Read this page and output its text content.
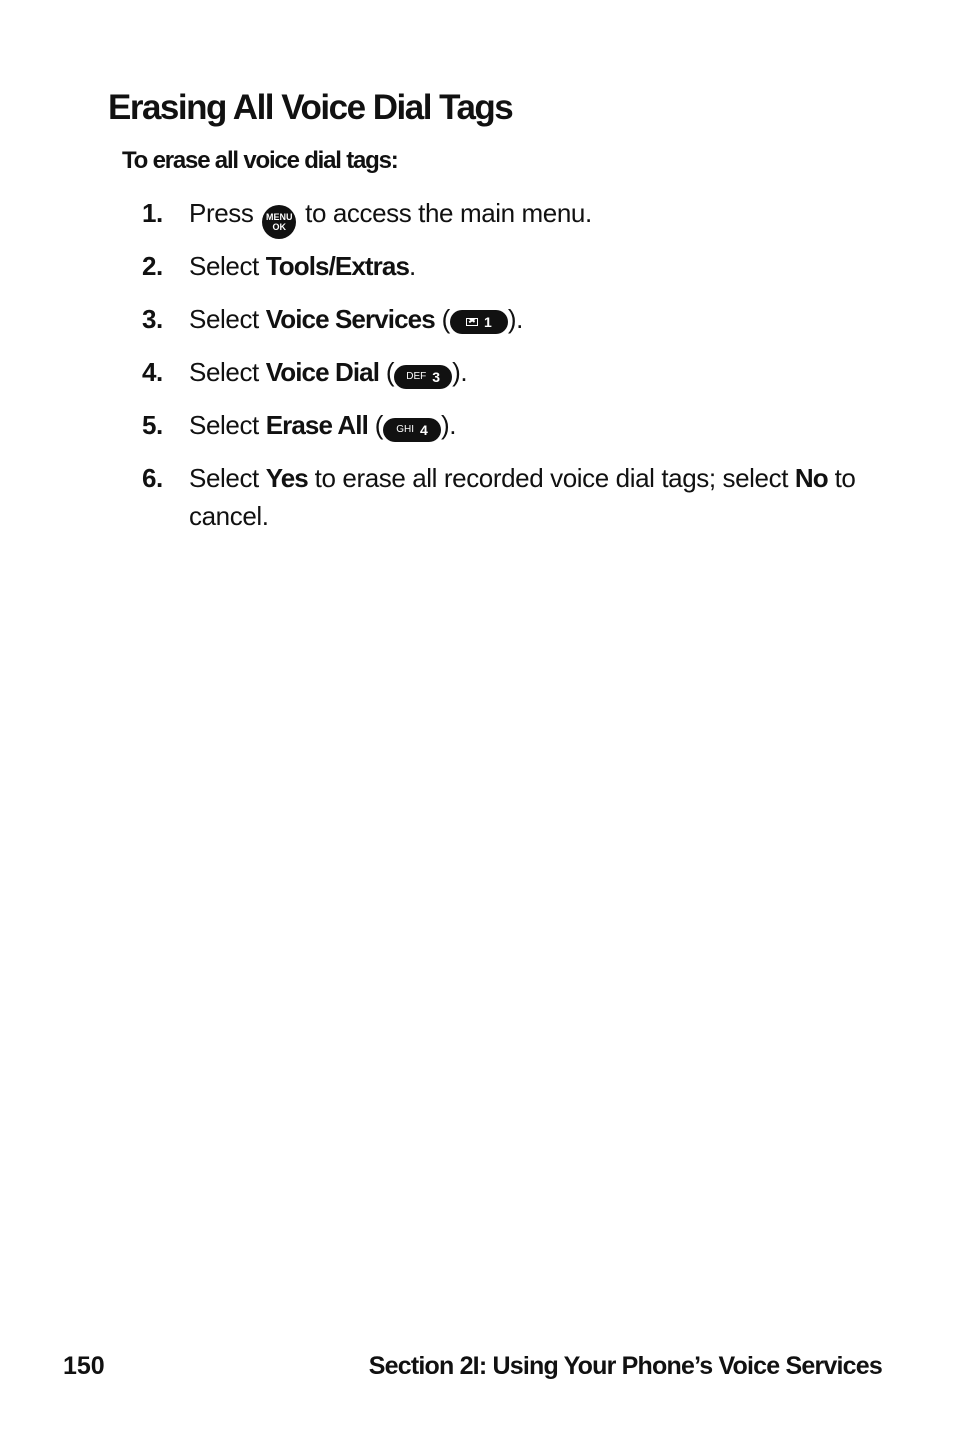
Erasing All Voice Dial Tags

To erase all voice dial tags:

1. Press MENU
OK to access the main menu.
2. Select Tools/Extras.
3. Select Voice Services ( 1 ).
4. Select Voice Dial ( DEF 3 ).
5. Select Erase All ( GHI 4 ).
6. Select Yes to erase all recorded voice dial tags; select No to cancel.
150	Section 2I: Using Your Phone’s Voice Services
